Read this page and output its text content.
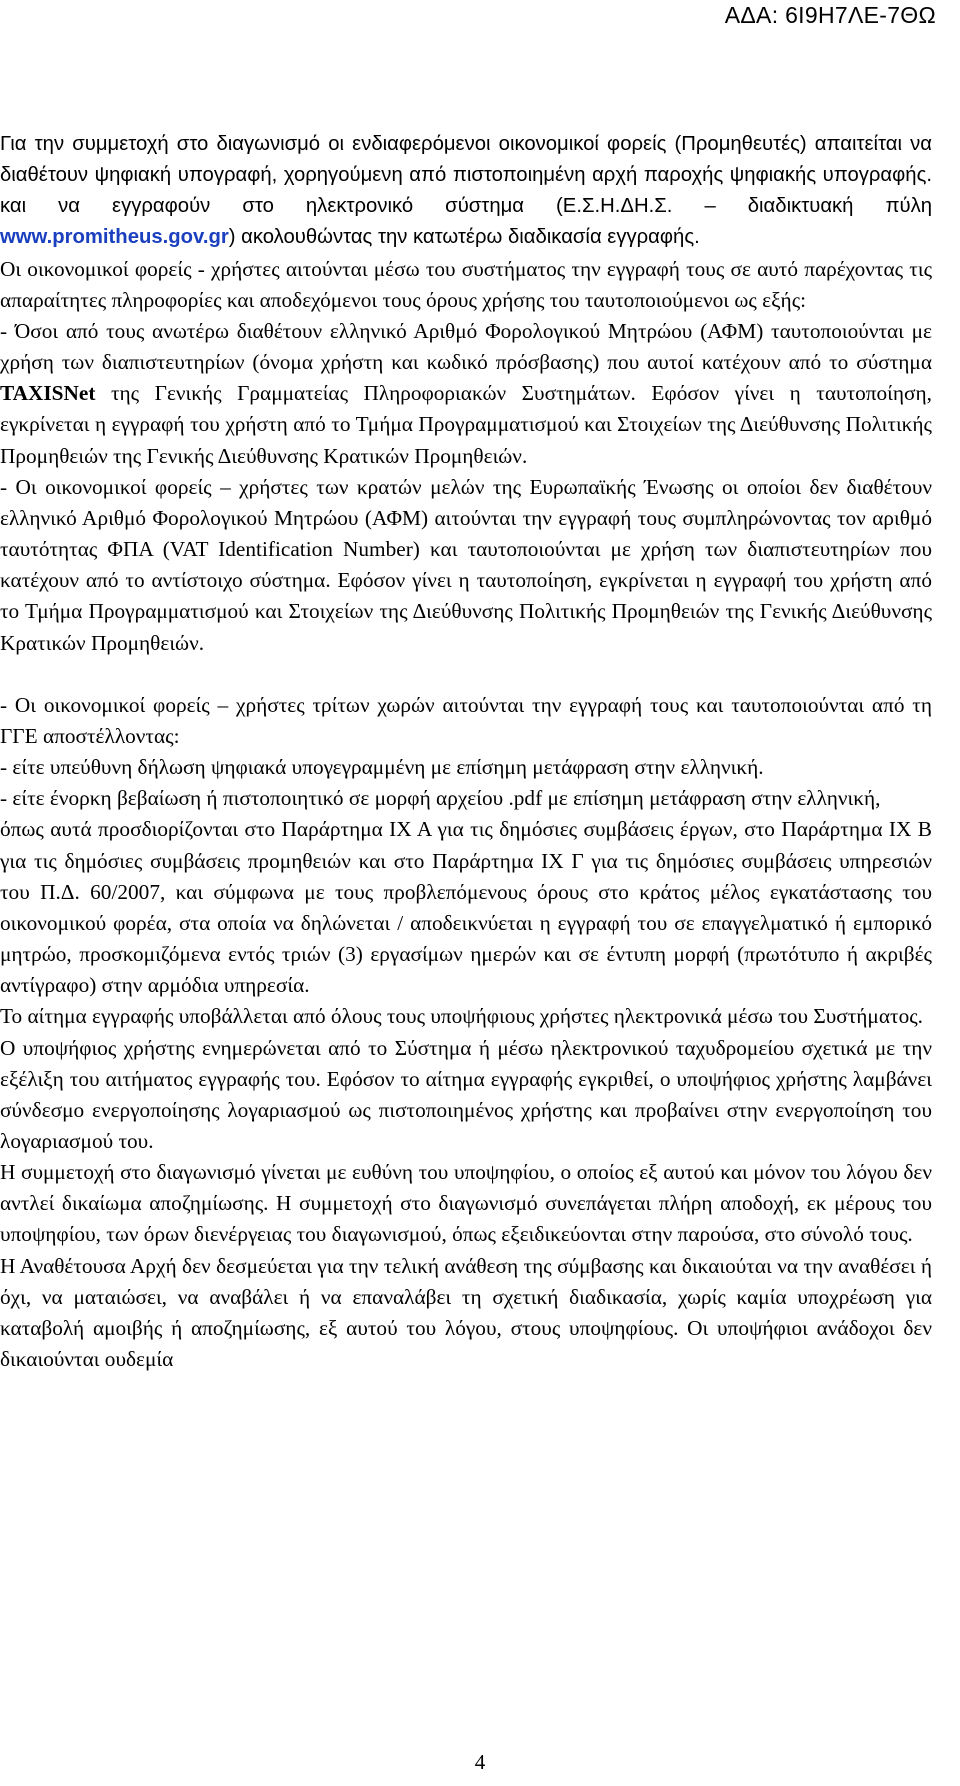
ΑΔΑ: 6Ι9Η7ΛΕ-7ΘΩ

Για την συμμετοχή στο διαγωνισμό οι ενδιαφερόμενοι οικονομικοί φορείς (Προμηθευτές) απαιτείται να διαθέτουν ψηφιακή υπογραφή, χορηγούμενη από πιστοποιημένη αρχή παροχής ψηφιακής υπογραφής. και να εγγραφούν στο ηλεκτρονικό σύστημα (Ε.Σ.Η.ΔΗ.Σ. – διαδικτυακή πύλη www.promitheus.gov.gr) ακολουθώντας την κατωτέρω διαδικασία εγγραφής.

Οι οικονομικοί φορείς - χρήστες αιτούνται μέσω του συστήματος την εγγραφή τους σε αυτό παρέχοντας τις απαραίτητες πληροφορίες και αποδεχόμενοι τους όρους χρήσης του ταυτοποιούμενοι ως εξής:

- Όσοι από τους ανωτέρω διαθέτουν ελληνικό Αριθμό Φορολογικού Μητρώου (ΑΦΜ) ταυτοποιούνται με χρήση των διαπιστευτηρίων (όνομα χρήστη και κωδικό πρόσβασης) που αυτοί κατέχουν από το σύστημα TAXISNet της Γενικής Γραμματείας Πληροφοριακών Συστημάτων. Εφόσον γίνει η ταυτοποίηση, εγκρίνεται η εγγραφή του χρήστη από το Τμήμα Προγραμματισμού και Στοιχείων της Διεύθυνσης Πολιτικής Προμηθειών της Γενικής Διεύθυνσης Κρατικών Προμηθειών.

- Οι οικονομικοί φορείς – χρήστες των κρατών μελών της Ευρωπαϊκής Ένωσης οι οποίοι δεν διαθέτουν ελληνικό Αριθμό Φορολογικού Μητρώου (ΑΦΜ) αιτούνται την εγγραφή τους συμπληρώνοντας τον αριθμό ταυτότητας ΦΠΑ (VAT Identification Number) και ταυτοποιούνται με χρήση των διαπιστευτηρίων που κατέχουν από το αντίστοιχο σύστημα. Εφόσον γίνει η ταυτοποίηση, εγκρίνεται η εγγραφή του χρήστη από το Τμήμα Προγραμματισμού και Στοιχείων της Διεύθυνσης Πολιτικής Προμηθειών της Γενικής Διεύθυνσης Κρατικών Προμηθειών.

- Οι οικονομικοί φορείς – χρήστες τρίτων χωρών αιτούνται την εγγραφή τους και ταυτοποιούνται από τη ΓΓΕ αποστέλλοντας:

- είτε υπεύθυνη δήλωση ψηφιακά υπογεγραμμένη με επίσημη μετάφραση στην ελληνική.

- είτε ένορκη βεβαίωση ή πιστοποιητικό σε μορφή αρχείου .pdf με επίσημη μετάφραση στην ελληνική,

όπως αυτά προσδιορίζονται στο Παράρτημα ΙΧ Α για τις δημόσιες συμβάσεις έργων, στο Παράρτημα ΙΧ Β για τις δημόσιες συμβάσεις προμηθειών και στο Παράρτημα ΙΧ Γ για τις δημόσιες συμβάσεις υπηρεσιών του Π.Δ. 60/2007, και σύμφωνα με τους προβλεπόμενους όρους στο κράτος μέλος εγκατάστασης του οικονομικού φορέα, στα οποία να δηλώνεται / αποδεικνύεται η εγγραφή του σε επαγγελματικό ή εμπορικό μητρώο, προσκομιζόμενα εντός τριών (3) εργασίμων ημερών και σε έντυπη μορφή (πρωτότυπο ή ακριβές αντίγραφο) στην αρμόδια υπηρεσία.

Το αίτημα εγγραφής υποβάλλεται από όλους τους υποψήφιους χρήστες ηλεκτρονικά μέσω του Συστήματος.

Ο υποψήφιος χρήστης ενημερώνεται από το Σύστημα ή μέσω ηλεκτρονικού ταχυδρομείου σχετικά με την εξέλιξη του αιτήματος εγγραφής του. Εφόσον το αίτημα εγγραφής εγκριθεί, ο υποψήφιος χρήστης λαμβάνει σύνδεσμο ενεργοποίησης λογαριασμού ως πιστοποιημένος χρήστης και προβαίνει στην ενεργοποίηση του λογαριασμού του.

Η συμμετοχή στο διαγωνισμό γίνεται με ευθύνη του υποψηφίου, ο οποίος εξ αυτού και μόνον του λόγου δεν αντλεί δικαίωμα αποζημίωσης. Η συμμετοχή στο διαγωνισμό συνεπάγεται πλήρη αποδοχή, εκ μέρους του υποψηφίου, των όρων διενέργειας του διαγωνισμού, όπως εξειδικεύονται στην παρούσα, στο σύνολό τους.

Η Αναθέτουσα Αρχή δεν δεσμεύεται για την τελική ανάθεση της σύμβασης και δικαιούται να την αναθέσει ή όχι, να ματαιώσει, να αναβάλει ή να επαναλάβει τη σχετική διαδικασία, χωρίς καμία υποχρέωση για καταβολή αμοιβής ή αποζημίωσης, εξ αυτού του λόγου, στους υποψηφίους. Οι υποψήφιοι ανάδοχοι δεν δικαιούνται ουδεμία

4
